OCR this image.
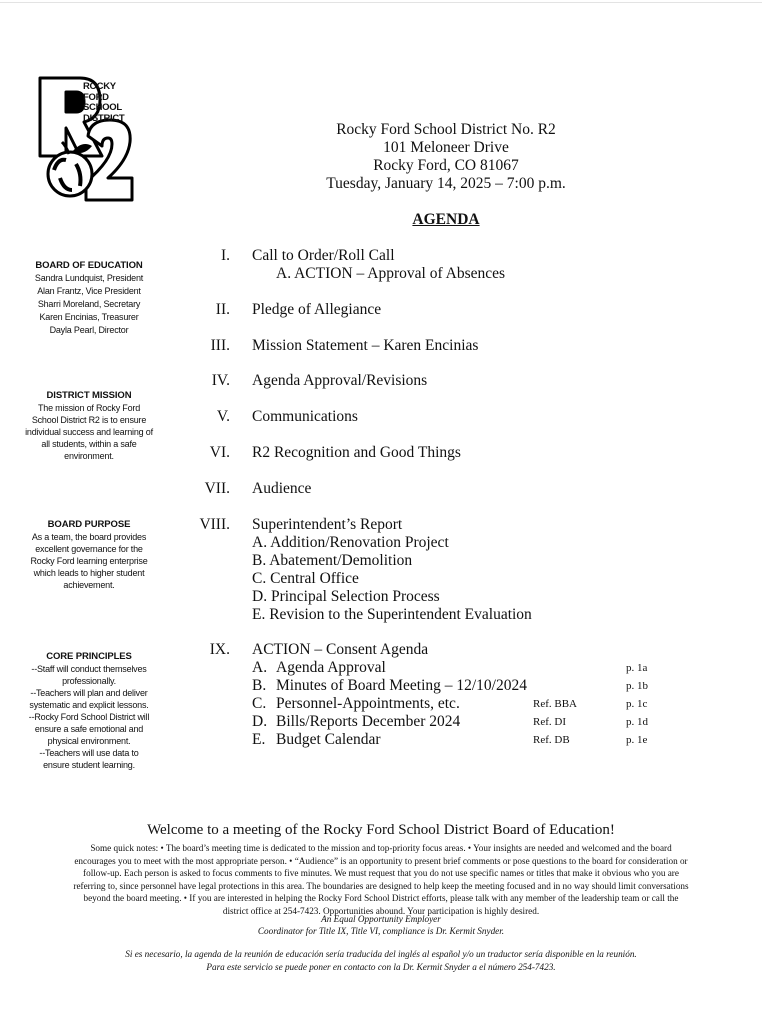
ROCKY
FORD
SCHOOL
DISTRICT
Rocky Ford School District No. R2
101 Meloneer Drive
Rocky Ford, CO 81067
Tuesday, January 14, 2025 – 7:00 p.m.
AGENDA
BOARD OF EDUCATION
Sandra Lundquist, President
Alan Frantz, Vice President
Sharri Moreland, Secretary
Karen Encinias, Treasurer
Dayla Pearl, Director
DISTRICT MISSION
The mission of Rocky Ford
School District R2 is to ensure
individual success and learning of
all students, within a safe
environment.
BOARD PURPOSE
As a team, the board provides
excellent governance for the
Rocky Ford learning enterprise
which leads to higher student
achievement.
CORE PRINCIPLES
--Staff will conduct themselves
professionally.
--Teachers will plan and deliver
systematic and explicit lessons.
--Rocky Ford School District will
ensure a safe emotional and
physical environment.
--Teachers will use data to
ensure student learning.
I. Call to Order/Roll Call
A. ACTION – Approval of Absences
II. Pledge of Allegiance
III. Mission Statement – Karen Encinias
IV. Agenda Approval/Revisions
V. Communications
VI. R2 Recognition and Good Things
VII. Audience
VIII. Superintendent’s Report
A. Addition/Renovation Project
B. Abatement/Demolition
C. Central Office
D. Principal Selection Process
E. Revision to the Superintendent Evaluation
IX. ACTION – Consent Agenda
A. Agenda Approval	p. 1a
B. Minutes of Board Meeting – 12/10/2024	p. 1b
C. Personnel-Appointments, etc.	Ref. BBA	p. 1c
D. Bills/Reports December 2024	Ref. DI	p. 1d
E. Budget Calendar	Ref. DB	p. 1e
Welcome to a meeting of the Rocky Ford School District Board of Education!
Some quick notes: • The board’s meeting time is dedicated to the mission and top-priority focus areas. • Your insights are needed and welcomed and the board
encourages you to meet with the most appropriate person. • “Audience” is an opportunity to present brief comments or pose questions to the board for consideration or
follow-up. Each person is asked to focus comments to five minutes. We must request that you do not use specific names or titles that make it obvious who you are
referring to, since personnel have legal protections in this area. The boundaries are designed to help keep the meeting focused and in no way should limit conversations
beyond the board meeting. • If you are interested in helping the Rocky Ford School District efforts, please talk with any member of the leadership team or call the
district office at 254-7423. Opportunities abound. Your participation is highly desired.
An Equal Opportunity Employer
Coordinator for Title IX, Title VI, compliance is Dr. Kermit Snyder.
Si es necesario, la agenda de la reunión de educación sería traducida del inglés al español y/o un traductor sería disponible en la reunión.
Para este servicio se puede poner en contacto con la Dr. Kermit Snyder a el número 254-7423.
